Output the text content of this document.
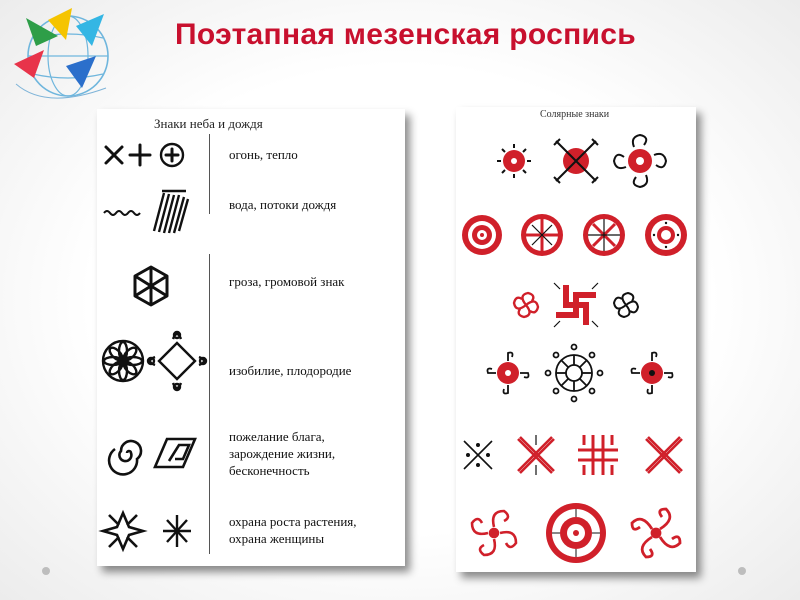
Поэтапная мезенская роспись
Знаки неба и дождя
огонь, тепло
вода, потоки дождя
гроза, громовой знак
изобилие, плодородие
пожелание блага,
зарождение жизни,
бесконечность
охрана роста растения,
охрана женщины
Солярные знаки
